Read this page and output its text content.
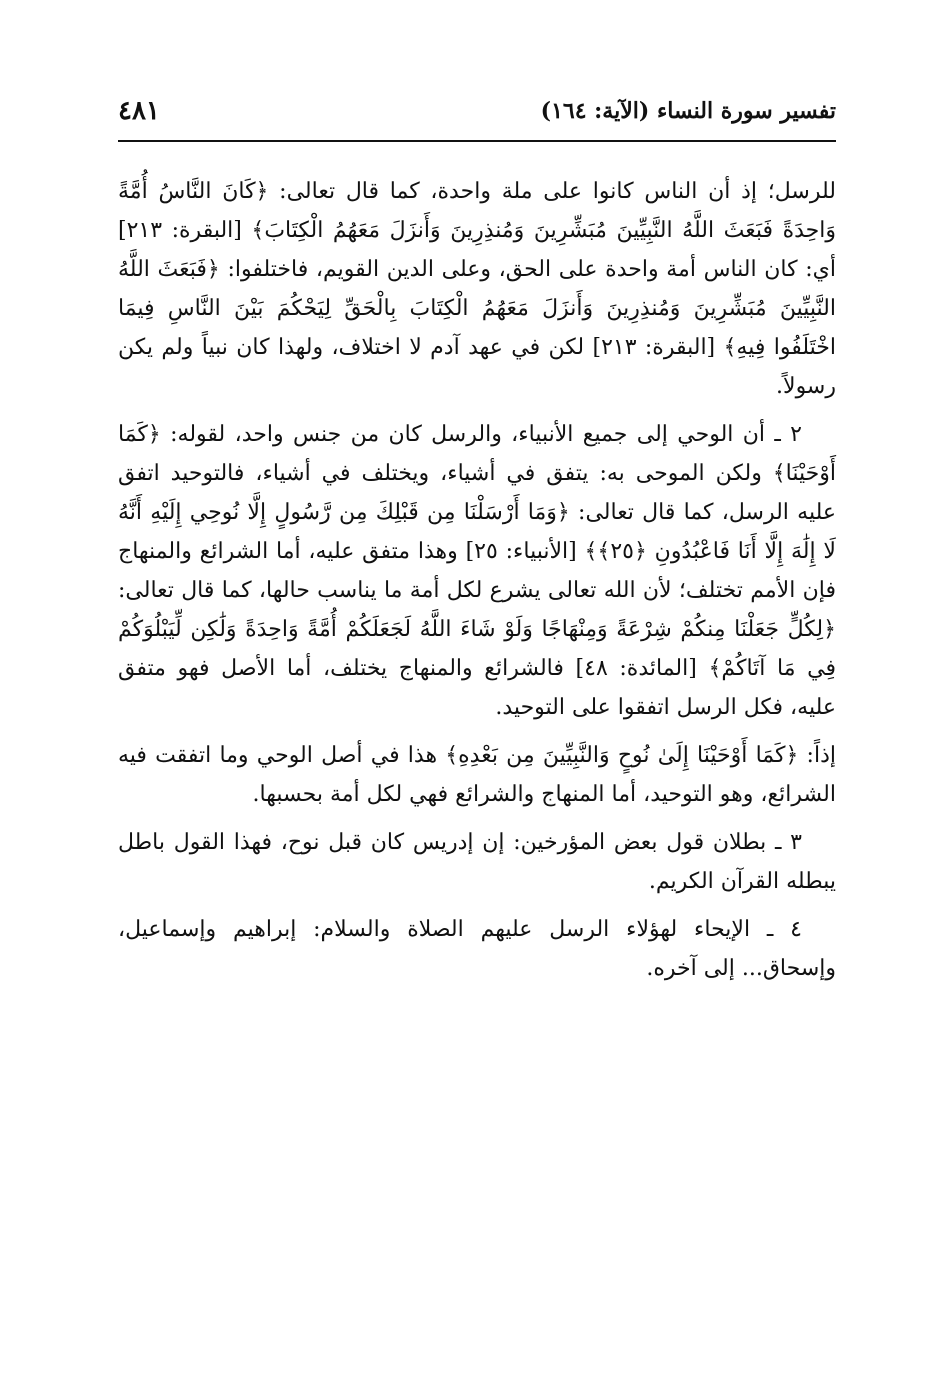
تفسير سورة النساء (الآية: ١٦٤)
٤٨١

للرسل؛ إذ أن الناس كانوا على ملة واحدة، كما قال تعالى: ﴿كَانَ النَّاسُ أُمَّةً وَاحِدَةً فَبَعَثَ اللَّهُ النَّبِيِّينَ مُبَشِّرِينَ وَمُنذِرِينَ وَأَنزَلَ مَعَهُمُ الْكِتَابَ﴾ [البقرة: ٢١٣] أي: كان الناس أمة واحدة على الحق، وعلى الدين القويم، فاختلفوا: ﴿فَبَعَثَ اللَّهُ النَّبِيِّينَ مُبَشِّرِينَ وَمُنذِرِينَ وَأَنزَلَ مَعَهُمُ الْكِتَابَ بِالْحَقِّ لِيَحْكُمَ بَيْنَ النَّاسِ فِيمَا اخْتَلَفُوا فِيهِ﴾ [البقرة: ٢١٣] لكن في عهد آدم لا اختلاف، ولهذا كان نبياً ولم يكن رسولاً.

٢ ـ أن الوحي إلى جميع الأنبياء، والرسل كان من جنس واحد، لقوله: ﴿كَمَا أَوْحَيْنَا﴾ ولكن الموحى به: يتفق في أشياء، ويختلف في أشياء، فالتوحيد اتفق عليه الرسل، كما قال تعالى: ﴿وَمَا أَرْسَلْنَا مِن قَبْلِكَ مِن رَّسُولٍ إِلَّا نُوحِي إِلَيْهِ أَنَّهُ لَا إِلَٰهَ إِلَّا أَنَا فَاعْبُدُونِ ﴿٢٥﴾﴾ [الأنبياء: ٢٥] وهذا متفق عليه، أما الشرائع والمنهاج فإن الأمم تختلف؛ لأن الله تعالى يشرع لكل أمة ما يناسب حالها، كما قال تعالى: ﴿لِكُلٍّ جَعَلْنَا مِنكُمْ شِرْعَةً وَمِنْهَاجًا وَلَوْ شَاءَ اللَّهُ لَجَعَلَكُمْ أُمَّةً وَاحِدَةً وَلَٰكِن لِّيَبْلُوَكُمْ فِي مَا آتَاكُمْ﴾ [المائدة: ٤٨] فالشرائع والمنهاج يختلف، أما الأصل فهو متفق عليه، فكل الرسل اتفقوا على التوحيد.

إذاً: ﴿كَمَا أَوْحَيْنَا إِلَىٰ نُوحٍ وَالنَّبِيِّينَ مِن بَعْدِهِ﴾ هذا في أصل الوحي وما اتفقت فيه الشرائع، وهو التوحيد، أما المنهاج والشرائع فهي لكل أمة بحسبها.

٣ ـ بطلان قول بعض المؤرخين: إن إدريس كان قبل نوح، فهذا القول باطل يبطله القرآن الكريم.

٤ ـ الإيحاء لهؤلاء الرسل عليهم الصلاة والسلام: إبراهيم وإسماعيل، وإسحاق... إلى آخره.
